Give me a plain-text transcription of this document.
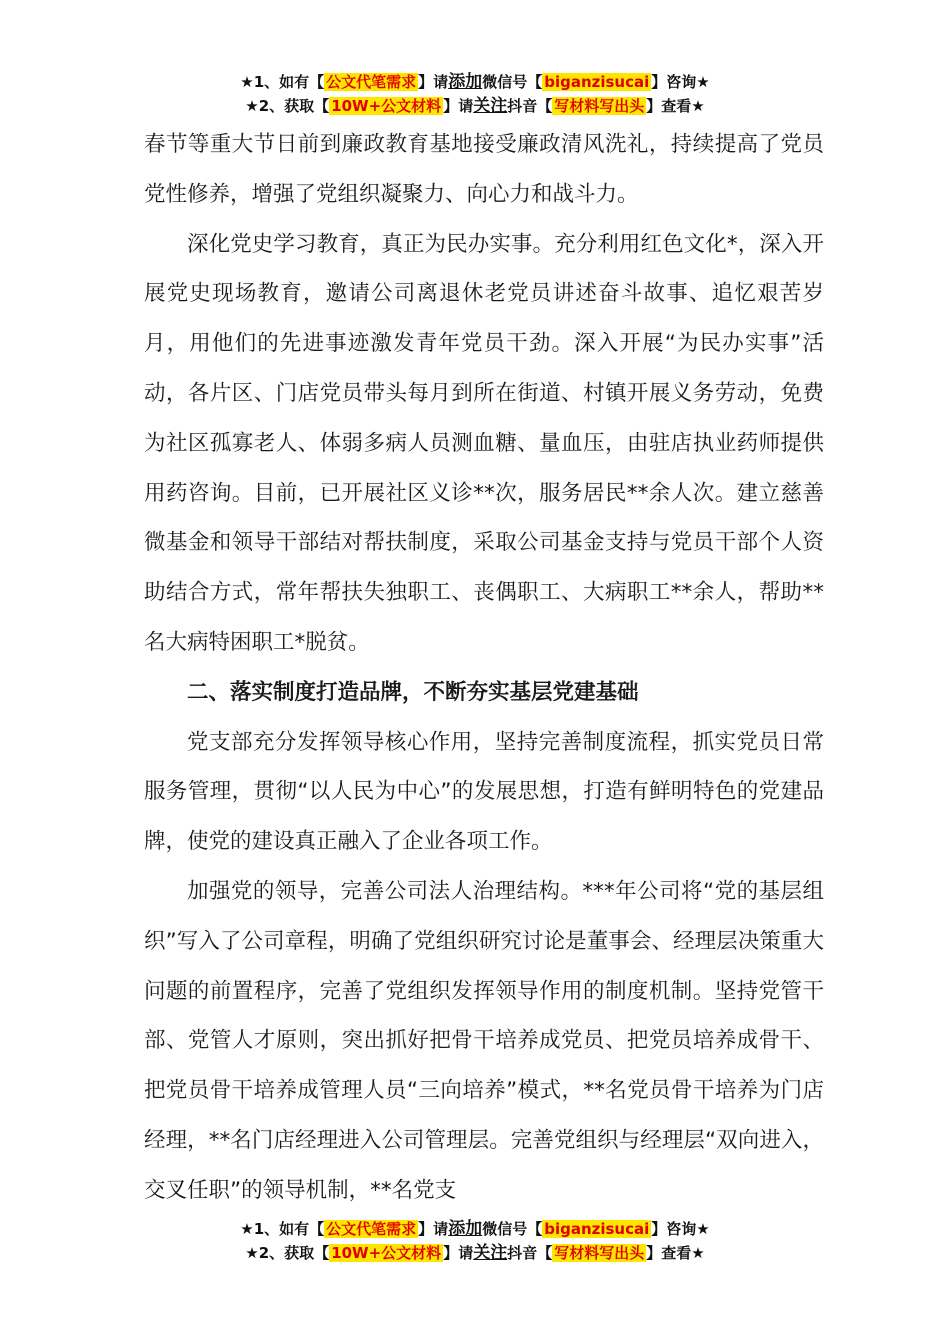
★1、如有【 公文代笔需求 】请添加微信号【 biganzisucai 】咨询★
★2、获取【 10W+公文材料 】请关注抖音【 写材料写出头 】查看★

春节等重大节日前到廉政教育基地接受廉政清风洗礼，持续提高了党员党性修养，增强了党组织凝聚力、向心力和战斗力。

深化党史学习教育，真正为民办实事。充分利用红色文化*，深入开展党史现场教育，邀请公司离退休老党员讲述奋斗故事、追忆艰苦岁月，用他们的先进事迹激发青年党员干劲。深入开展“为民办实事”活动，各片区、门店党员带头每月到所在街道、村镇开展义务劳动，免费为社区孤寡老人、体弱多病人员测血糖、量血压，由驻店执业药师提供用药咨询。目前，已开展社区义诊**次，服务居民**余人次。建立慈善微基金和领导干部结对帮扶制度，采取公司基金支持与党员干部个人资助结合方式，常年帮扶失独职工、丧偶职工、大病职工**余人，帮助**名大病特困职工*脱贫。

二、落实制度打造品牌，不断夯实基层党建基础

党支部充分发挥领导核心作用，坚持完善制度流程，抓实党员日常服务管理，贯彻“以人民为中心”的发展思想，打造有鲜明特色的党建品牌，使党的建设真正融入了企业各项工作。

加强党的领导，完善公司法人治理结构。***年公司将“党的基层组织”写入了公司章程，明确了党组织研究讨论是董事会、经理层决策重大问题的前置程序，完善了党组织发挥领导作用的制度机制。坚持党管干部、党管人才原则，突出抓好把骨干培养成党员、把党员培养成骨干、把党员骨干培养成管理人员“三向培养”模式，**名党员骨干培养为门店经理，**名门店经理进入公司管理层。完善党组织与经理层“双向进入，交叉任职”的领导机制，**名党支

★1、如有【 公文代笔需求 】请添加微信号【 biganzisucai 】咨询★
★2、获取【 10W+公文材料 】请关注抖音【 写材料写出头 】查看★
